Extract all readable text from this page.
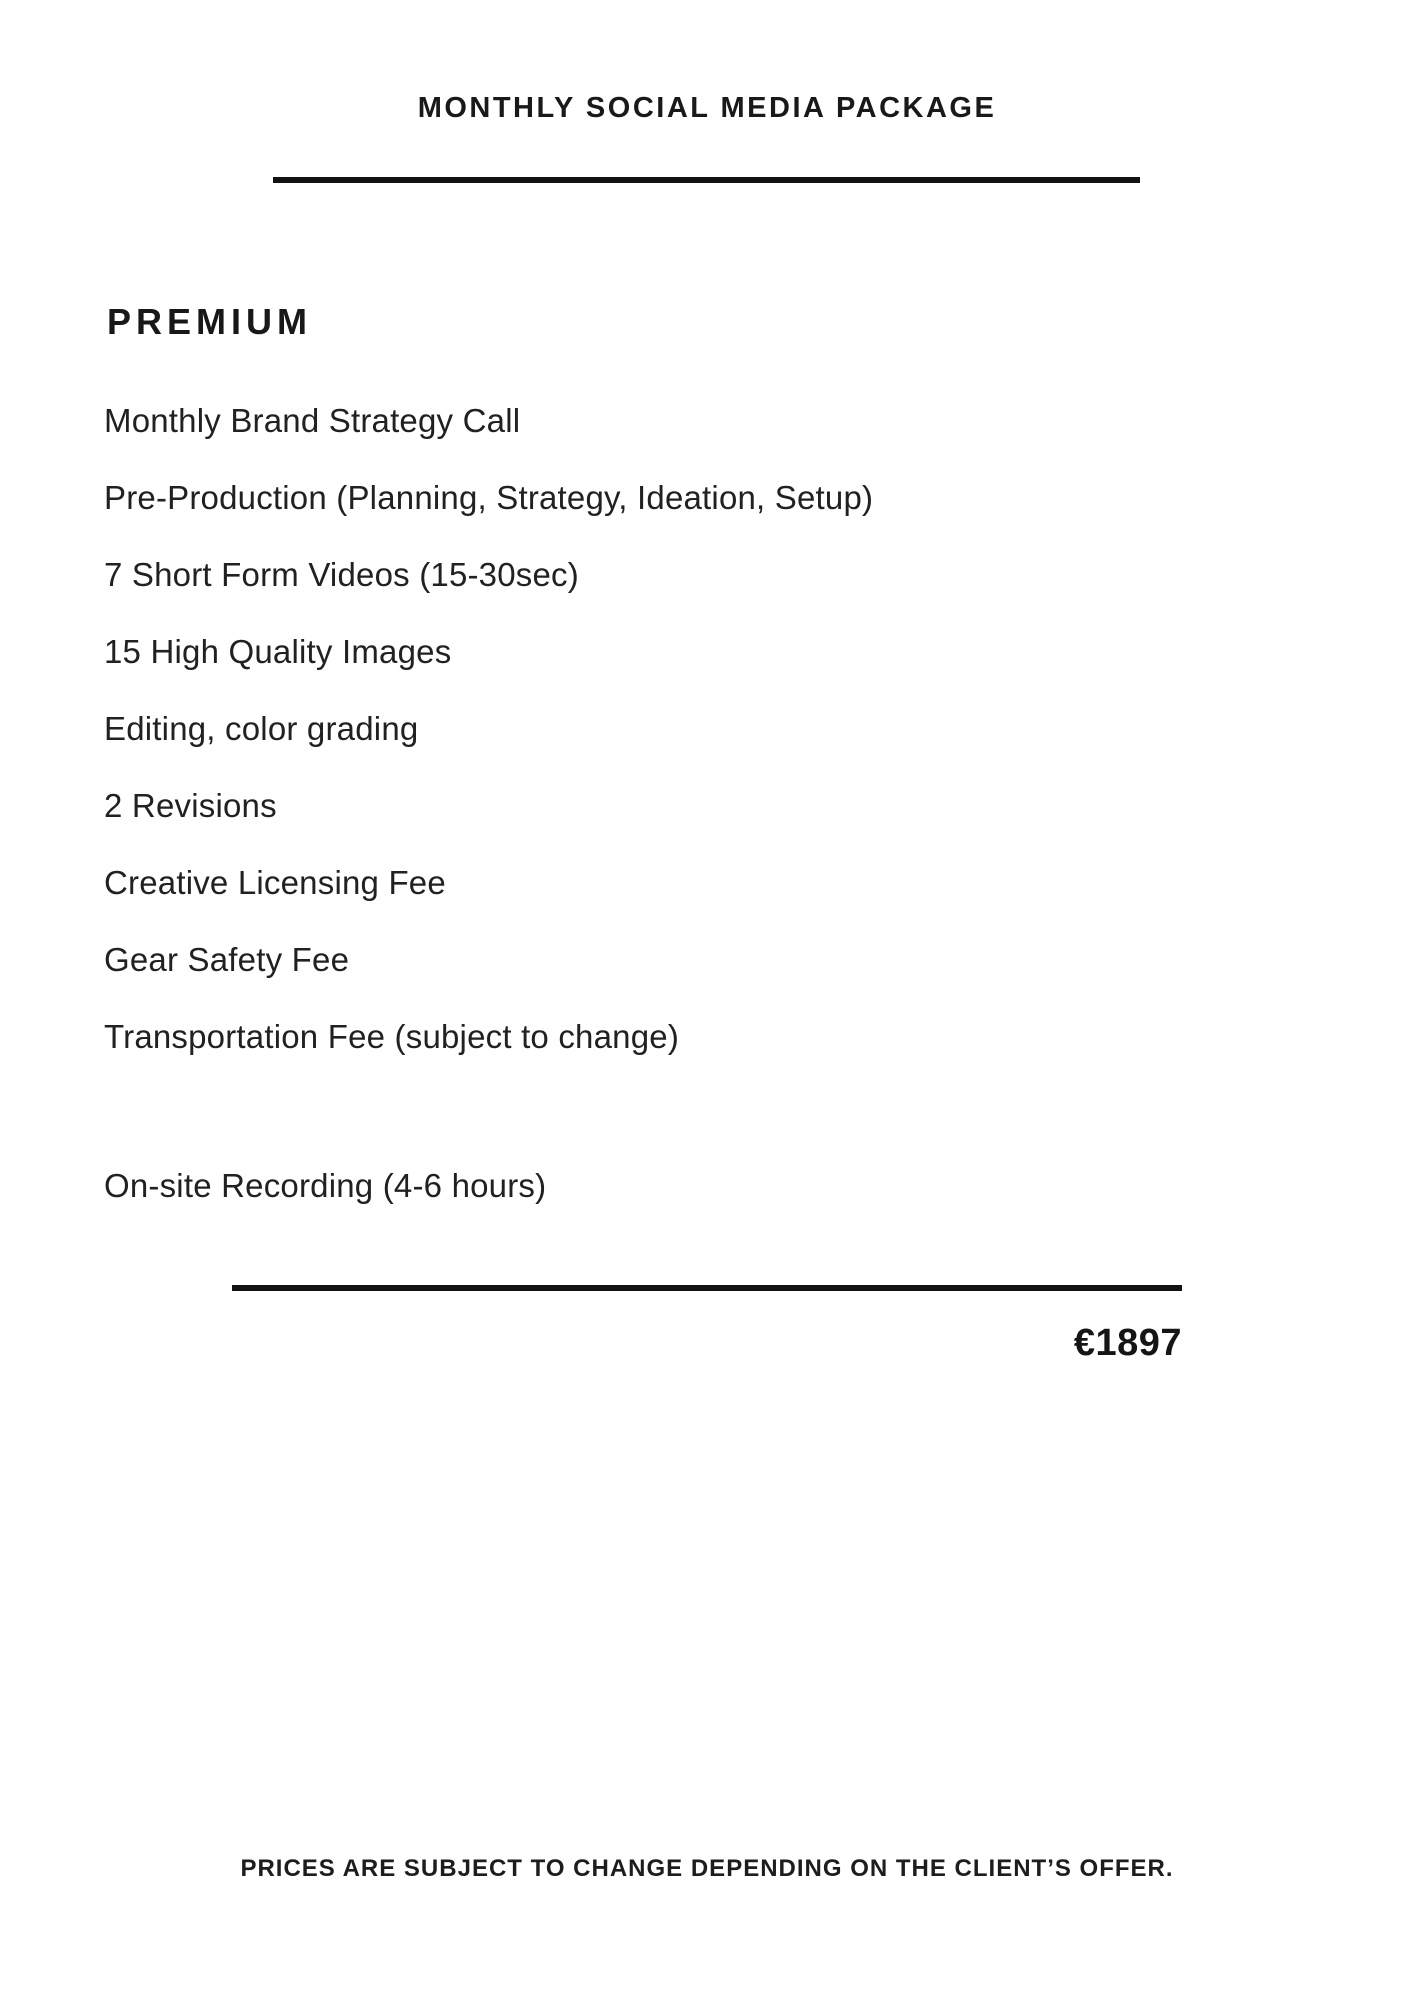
MONTHLY SOCIAL MEDIA PACKAGE
PREMIUM
Monthly Brand Strategy Call
Pre-Production (Planning, Strategy, Ideation, Setup)
7 Short Form Videos (15-30sec)
15 High Quality Images
Editing, color grading
2 Revisions
Creative Licensing Fee
Gear Safety Fee
Transportation Fee (subject to change)
On-site Recording (4-6 hours)
€1897

PRICES ARE SUBJECT TO CHANGE DEPENDING ON THE CLIENT’S OFFER.
